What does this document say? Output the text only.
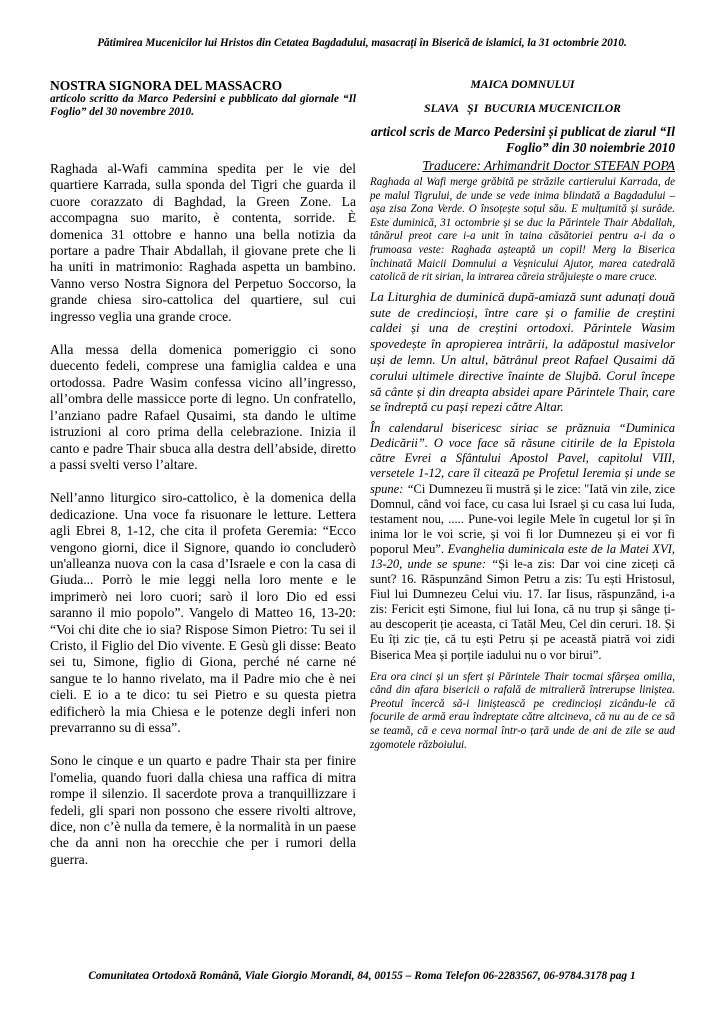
Pătimirea Mucenicilor lui Hristos din Cetatea Bagdadului, masacrați în Biserică de islamici, la 31 octombrie 2010.
NOSTRA SIGNORA DEL MASSACRO
articolo scritto da Marco Pedersini e pubblicato dal giornale “Il Foglio” del 30 novembre 2010.

Raghada al-Wafi cammina spedita per le vie del quartiere Karrada, sulla sponda del Tigri che guarda il cuore corazzato di Baghdad, la Green Zone. La accompagna suo marito, è contenta, sorride. È domenica 31 ottobre e hanno una bella notizia da portare a padre Thair Abdallah, il giovane prete che li ha uniti in matrimonio: Raghada aspetta un bambino. Vanno verso Nostra Signora del Perpetuo Soccorso, la grande chiesa siro-cattolica del quartiere, sul cui ingresso veglia una grande croce.

Alla messa della domenica pomeriggio ci sono duecento fedeli, comprese una famiglia caldea e una ortodossa. Padre Wasim confessa vicino all’ingresso, all’ombra delle massicce porte di legno. Un confratello, l’anziano padre Rafael Qusaimi, sta dando le ultime istruzioni al coro prima della celebrazione. Inizia il canto e padre Thair sbuca alla destra dell’abside, diretto a passi svelti verso l’altare.

Nell’anno liturgico siro-cattolico, è la domenica della dedicazione. Una voce fa risuonare le letture. Lettera agli Ebrei 8, 1-12, che cita il profeta Geremia: “Ecco vengono giorni, dice il Signore, quando io concluderò un'alleanza nuova con la casa d’Israele e con la casa di Giuda... Porrò le mie leggi nella loro mente e le imprimerò nei loro cuori; sarò il loro Dio ed essi saranno il mio popolo”. Vangelo di Matteo 16, 13-20: “Voi chi dite che io sia? Rispose Simon Pietro: Tu sei il Cristo, il Figlio del Dio vivente. E Gesù gli disse: Beato sei tu, Simone, figlio di Giona, perché né carne né sangue te lo hanno rivelato, ma il Padre mio che è nei cieli. E io a te dico: tu sei Pietro e su questa pietra edificherò la mia Chiesa e le potenze degli inferi non prevarranno su di essa”.

Sono le cinque e un quarto e padre Thair sta per finire l'omelia, quando fuori dalla chiesa una raffica di mitra rompe il silenzio. Il sacerdote prova a tranquillizzare i fedeli, gli spari non possono che essere rivolti altrove, dice, non c’è nulla da temere, è la normalità in un paese che da anni non ha orecchie che per i rumori della guerra.

MAICA DOMNULUI
SLAVA   ȘI  BUCURIA MUCENICILOR
articol scris de Marco Pedersini și publicat de ziarul “Il Foglio” din 30 noiembrie 2010
Traducere: Arhimandrit Doctor STEFAN POPA

Raghada al Wafi merge grăbită pe străzile cartierului Karrada, de pe malul Tigrului, de unde se vede inima blindată a Bagdadului – așa zisa Zona Verde. O însoțește soțul său. E mulțumită și surâde. Este duminică, 31 octombrie și se duc la Părintele Thair Abdallah, tânărul preot care i-a unit în taina căsătoriei pentru a-i da o frumoasa veste: Raghada așteaptă un copil! Merg la Biserica închinată Maicii Domnului a Veșnicului Ajutor, marea catedrală catolică de rit sirian, la intrarea căreia străjuiește o mare cruce.

La Liturghia de duminică după-amiază sunt adunați două sute de credincioși, între care și o familie de creștini caldei și una de creștini ortodoxi. Părintele Wasim spovedește în apropierea intrării, la adăpostul masivelor uși de lemn. Un altul, bătrânul preot Rafael Qusaimi dă corului ultimele directive înainte de Slujbă. Corul începe să cânte și din dreapta absidei apare Părintele Thair, care se îndreptă cu pași repezi către Altar.

În calendarul bisericesc siriac se prăznuia “Duminica Dedicării”. O voce face să răsune citirile de la Epistola către Evrei a Sfântului Apostol Pavel, capitolul VIII, versetele 1-12, care îl citează pe Profetul Ieremia și unde se spune: “Ci Dumnezeu îi mustră și le zice: "Iată vin zile, zice Domnul, când voi face, cu casa lui Israel și cu casa lui Iuda, testament nou, ..... Pune-voi legile Mele în cugetul lor și în inima lor le voi scrie, și voi fi lor Dumnezeu și ei vor fi poporul Meu”. Evangheliа duminicala este de la Matei XVI, 13-20, unde se spune: “Și le-a zis: Dar voi cine ziceți că sunt? 16. Răspunzând Simon Petru a zis: Tu ești Hristosul, Fiul lui Dumnezeu Celui viu. 17. Iar Iisus, răspunzând, i-a zis: Fericit ești Simone, fiul lui Iona, că nu trup și sânge ți-au descoperit ție aceasta, ci Tatăl Meu, Cel din ceruri. 18. Și Eu îți zic ție, că tu ești Petru și pe această piatră voi zidi Biserica Mea și porțile iadului nu o vor birui”.

Era ora cinci și un sfert și Părintele Thair tocmai sfârșea omilia, când din afara bisericii o rafală de mitralieră întrerupse liniștea. Preotul încercă să-i liniștească pe credincioși zicându-le că focurile de armă erau îndreptate către altcineva, că nu au de ce să se teamă, că e ceva normal într-o țară unde de ani de zile se aud zgomotele războiului.

Comunitatea Ortodoxă Română, Viale Giorgio Morandi, 84, 00155 – Roma Telefon 06-2283567, 06-9784.3178 pag 1
